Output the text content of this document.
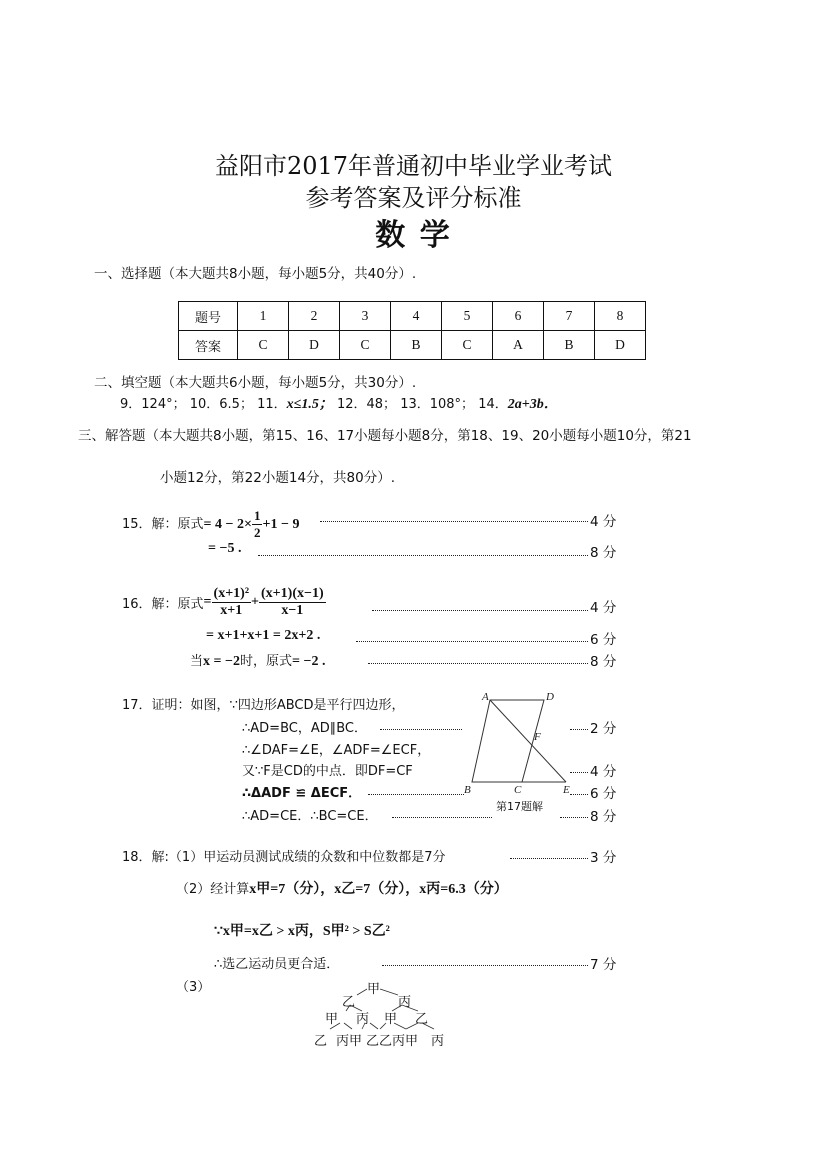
益阳市2017年普通初中毕业学业考试
参考答案及评分标准
数 学
一、选择题（本大题共8小题，每小题5分，共40分）.
题号	1	2	3	4	5	6	7	8
答案	C	D	C	B	C	A	B	D
二、填空题（本大题共6小题，每小题5分，共30分）.
9．124°； 10．6.5； 11．x≤1.5； 12．48； 13．108°； 14．2a+3b．
三、解答题（本大题共8小题，第15、16、17小题每小题8分，第18、19、20小题每小题10分，第21
小题12分，第22小题14分，共80分）.
15．解：原式= $4 - 2\times \frac{1}{2} +1 - 9$	4 分
= −5 .	8 分
16．解：原式= $\frac{\text{(x+1)²}}{x+1} + \frac{(x+1)(x-1)}{x-1}$	4 分
= x+1+x+1 = 2x+2 .	6 分
当x = −2时，原式= −2 .	8 分
17．证明：如图，∵四边形ABCD是平行四边形，
∴AD=BC，AD∥BC．	2 分
∴∠DAF=∠E，∠ADF=∠ECF，
又∵F是CD的中点．即DF=CF	4 分
∴ΔADF ≌ ΔECF．	6 分
∴AD=CE．∴BC=CE．	8 分
A	D
F
B	C	E
第17题解
18．解:（1）甲运动员测试成绩的众数和中位数都是7分	3 分
（2）经计算x甲=7（分），x乙=7（分），x丙=6.3（分）
∵x甲=x乙 > x丙，S甲² > S乙²
∴选乙运动员更合适．	7 分
（3）	甲
乙	丙
甲 丙 甲 乙
乙 丙甲 乙乙丙甲 丙
